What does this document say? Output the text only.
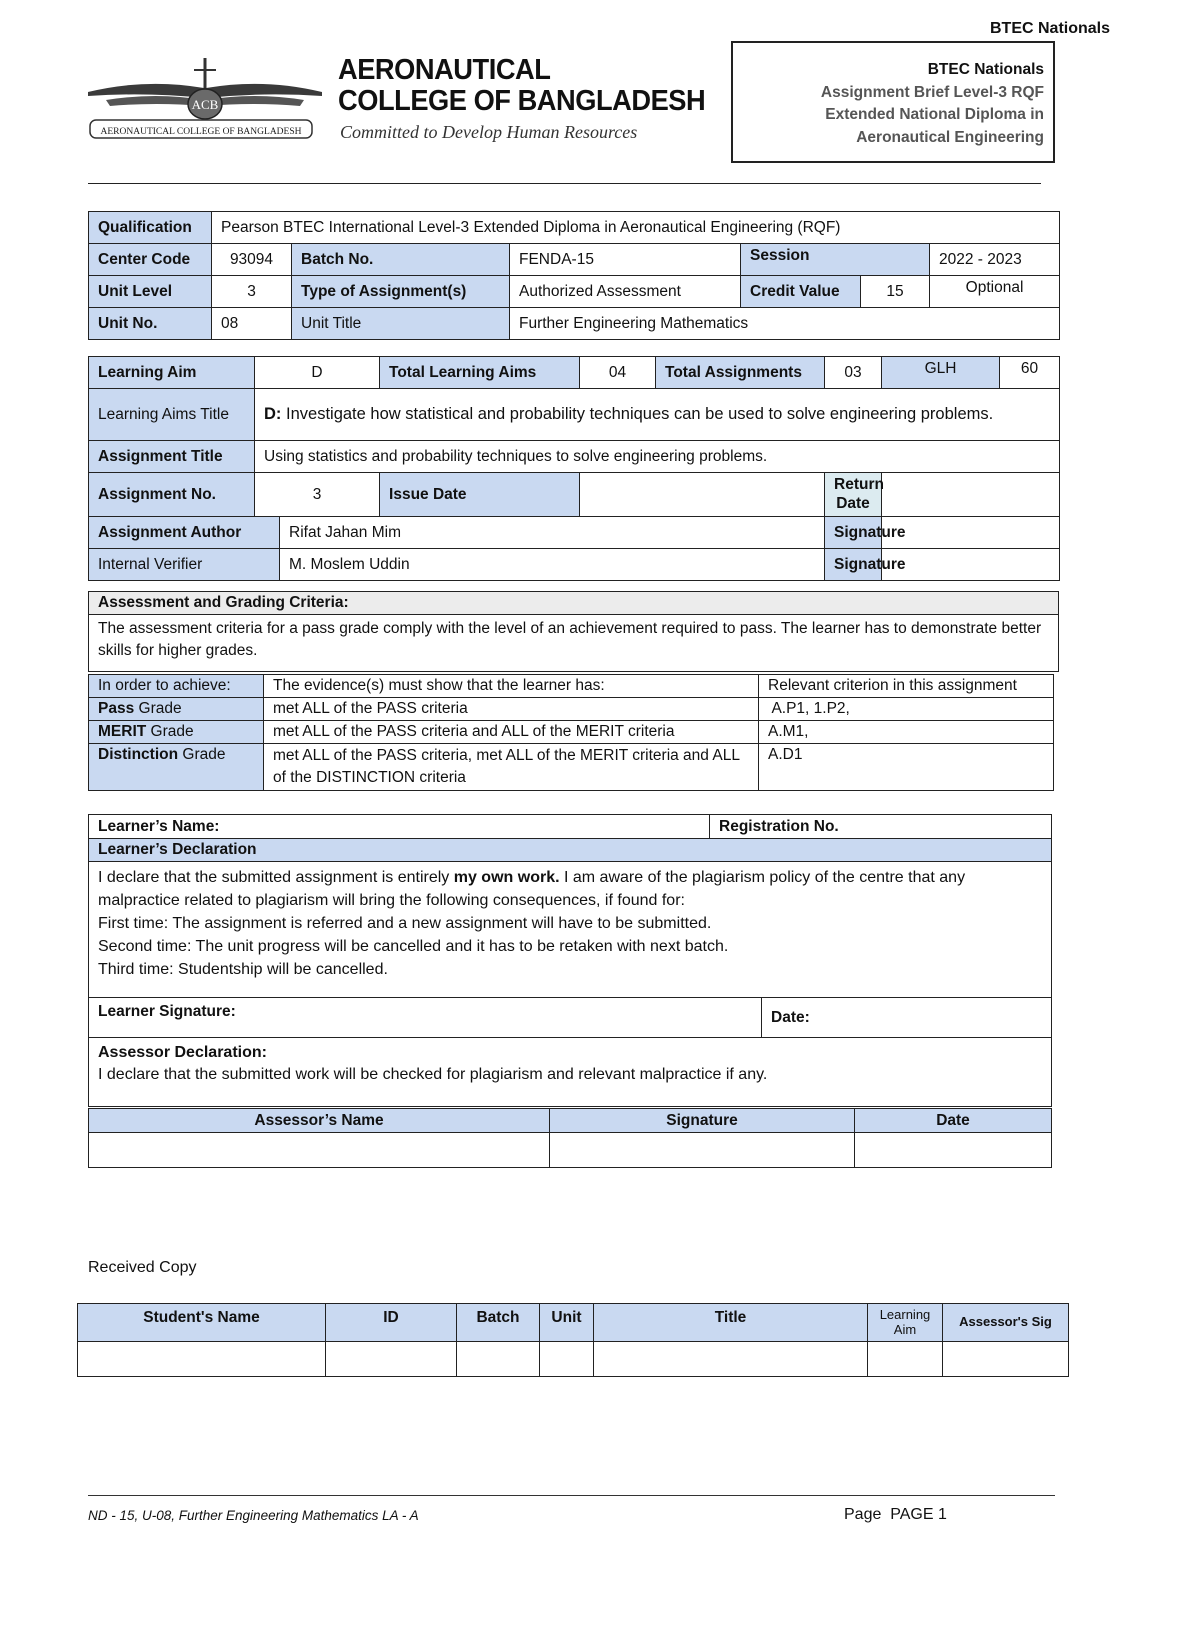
BTEC Nationals
ACB
AERONAUTICAL COLLEGE OF BANGLADESH
AERONAUTICAL
COLLEGE OF BANGLADESH
Committed to Develop Human Resources
BTEC Nationals
Assignment Brief Level-3 RQF
Extended National Diploma in
Aeronautical Engineering
Qualification	Pearson BTEC International Level-3 Extended Diploma in Aeronautical Engineering (RQF)					
Center Code	93094	Batch No.	FENDA-15	Session		2022 - 2023
Unit Level	3	Type of Assignment(s)	Authorized Assessment	Credit Value	15	Optional
Unit No.	08	Unit Title	Further Engineering Mathematics			
Learning Aim	D		Total Learning Aims	04	Total Assignments	03	GLH	60
Learning Aims Title	D: Investigate how statistical and probability techniques can be used to solve engineering problems.							
Assignment Title	Using statistics and probability techniques to solve engineering problems.							
Assignment No.	3		Issue Date			Return Date		
Assignment Author		Rifat Jahan Mim				Signature		
Internal Verifier		M. Moslem Uddin				Signature		
Assessment and Grading Criteria:
The assessment criteria for a pass grade comply with the level of an achievement required to pass. The learner has to demonstrate better skills for higher grades.
In order to achieve:	The evidence(s) must show that the learner has:	Relevant criterion in this assignment
Pass Grade	met ALL of the PASS criteria	A.P1, 1.P2,
MERIT Grade	met ALL of the PASS criteria and ALL of the MERIT criteria	A.M1,
Distinction Grade	met ALL of the PASS criteria, met ALL of the MERIT criteria and ALL of the DISTINCTION criteria	A.D1
Learner’s Name:	Registration No.	
Learner’s Declaration		

I declare that the submitted assignment is entirely my own work. I am aware of the plagiarism policy of the centre that any malpractice related to plagiarism will bring the following consequences, if found for:
First time: The assignment is referred and a new assignment will have to be submitted.
Second time: The unit progress will be cancelled and it has to be retaken with next batch.
Third time: Studentship will be cancelled.		

Learner Signature:		Date:

Assessor Declaration:
I declare that the submitted work will be checked for plagiarism and relevant malpractice if any.		
Assessor’s Name	Signature	Date

Received Copy
Student's Name	ID	Batch	Unit	Title	Learning Aim	Assessor's Sig

ND - 15, U-08, Further Engineering Mathematics LA - A	Page  PAGE 1
